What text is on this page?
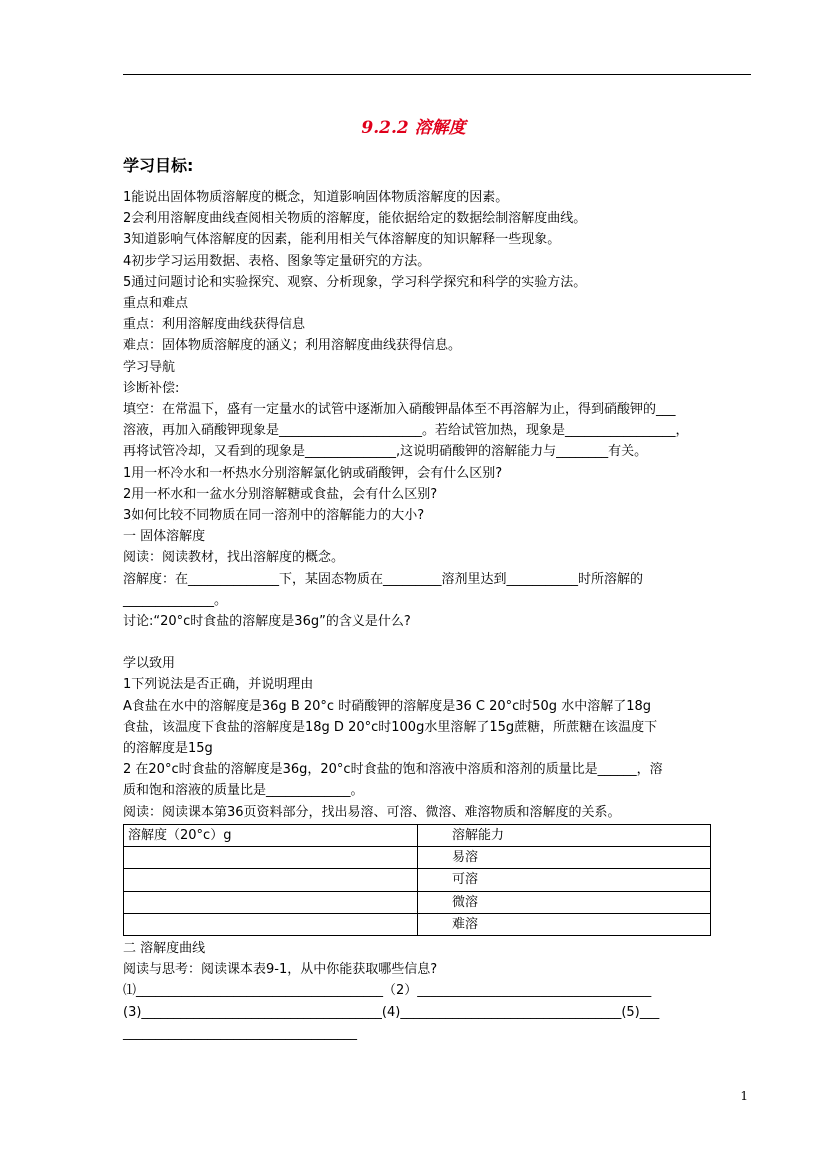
9.2.2 溶解度
学习目标:
1能说出固体物质溶解度的概念，知道影响固体物质溶解度的因素。
2会利用溶解度曲线查阅相关物质的溶解度，能依据给定的数据绘制溶解度曲线。
3知道影响气体溶解度的因素，能利用相关气体溶解度的知识解释一些现象。
4初步学习运用数据、表格、图象等定量研究的方法。
5通过问题讨论和实验探究、观察、分析现象，学习科学探究和科学的实验方法。
重点和难点
重点：利用溶解度曲线获得信息
难点：固体物质溶解度的涵义；利用溶解度曲线获得信息。
学习导航
诊断补偿:
填空：在常温下，盛有一定量水的试管中逐渐加入硝酸钾晶体至不再溶解为止，得到硝酸钾的___
溶液，再加入硝酸钾现象是______________________。若给试管加热，现象是_________________，
再将试管冷却，又看到的现象是______________,这说明硝酸钾的溶解能力与________有关。
1用一杯冷水和一杯热水分别溶解氯化钠或硝酸钾，会有什么区别?
2用一杯水和一盆水分别溶解糖或食盐，会有什么区别?
3如何比较不同物质在同一溶剂中的溶解能力的大小?
一 固体溶解度
阅读：阅读教材，找出溶解度的概念。
溶解度：在______________下，某固态物质在_________溶剂里达到___________时所溶解的
______________。
讨论:“20°c时食盐的溶解度是36g”的含义是什么?
学以致用
1下列说法是否正确，并说明理由
A食盐在水中的溶解度是36g B 20°c 时硝酸钾的溶解度是36 C 20°c时50g 水中溶解了18g
食盐，该温度下食盐的溶解度是18g D 20°c时100g水里溶解了15g蔗糖，所蔗糖在该温度下
的溶解度是15g
2 在20°c时食盐的溶解度是36g，20°c时食盐的饱和溶液中溶质和溶剂的质量比是______，溶
质和饱和溶液的质量比是_____________。
阅读：阅读课本第36页资料部分，找出易溶、可溶、微溶、难溶物质和溶解度的关系。
溶解度（20°c）g	溶解能力
	易溶
	可溶
	微溶
	难溶
二 溶解度曲线
阅读与思考：阅读课本表9-1，从中你能获取哪些信息?
⑴______________________________________（2）____________________________________
(3)_____________________________________(4)__________________________________(5)___
____________________________________
1
